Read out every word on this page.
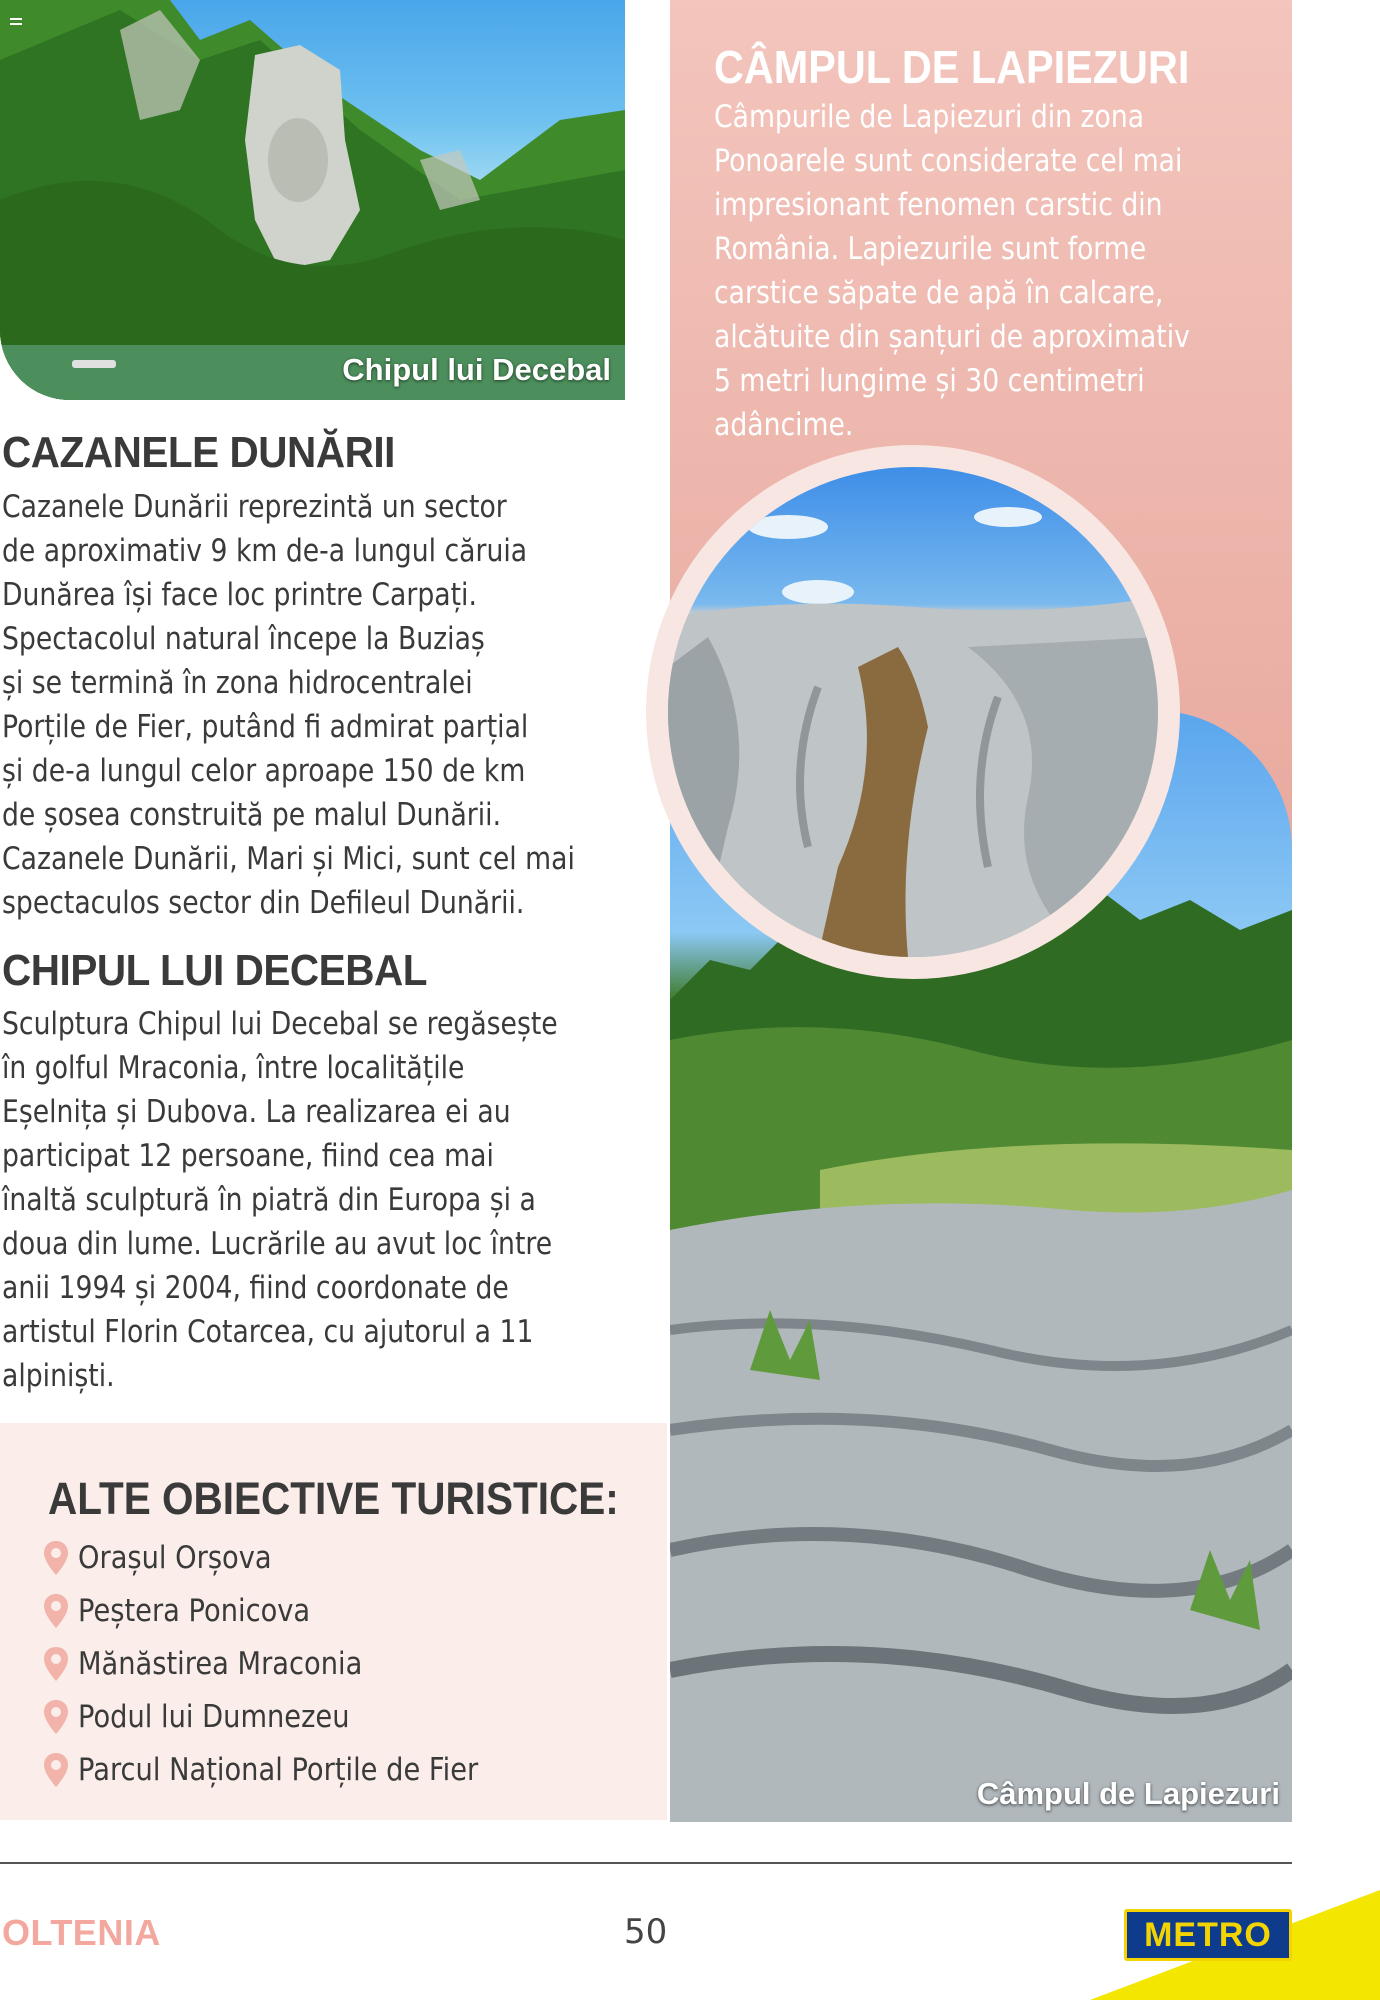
Chipul lui Decebal
CAZANELE DUNĂRII

Cazanele Dunării reprezintă un sector

de aproximativ 9 km de-a lungul căruia

Dunărea își face loc printre Carpați.

Spectacolul natural începe la Buziaș

și se termină în zona hidrocentralei

Porțile de Fier, putând fi admirat parțial

și de-a lungul celor aproape 150 de km

de șosea construită pe malul Dunării.

Cazanele Dunării, Mari și Mici, sunt cel mai

spectaculos sector din Defileul Dunării.

CHIPUL LUI DECEBAL

Sculptura Chipul lui Decebal se regăsește

în golful Mraconia, între localitățile

Eșelnița și Dubova. La realizarea ei au

participat 12 persoane, fiind cea mai

înaltă sculptură în piatră din Europa și a

doua din lume. Lucrările au avut loc între

anii 1994 și 2004, fiind coordonate de

artistul Florin Cotarcea, cu ajutorul a 11

alpiniști.

ALTE OBIECTIVE TURISTICE:
Orașul Orșova
Peștera Ponicova
Mănăstirea Mraconia
Podul lui Dumnezeu
Parcul Național Porțile de Fier
CÂMPUL DE LAPIEZURI

Câmpurile de Lapiezuri din zona

Ponoarele sunt considerate cel mai

impresionant fenomen carstic din

România. Lapiezurile sunt forme

carstice săpate de apă în calcare,

alcătuite din șanțuri de aproximativ

5 metri lungime și 30 centimetri

adâncime.

Câmpul de Lapiezuri
OLTENIA	50	METRO
